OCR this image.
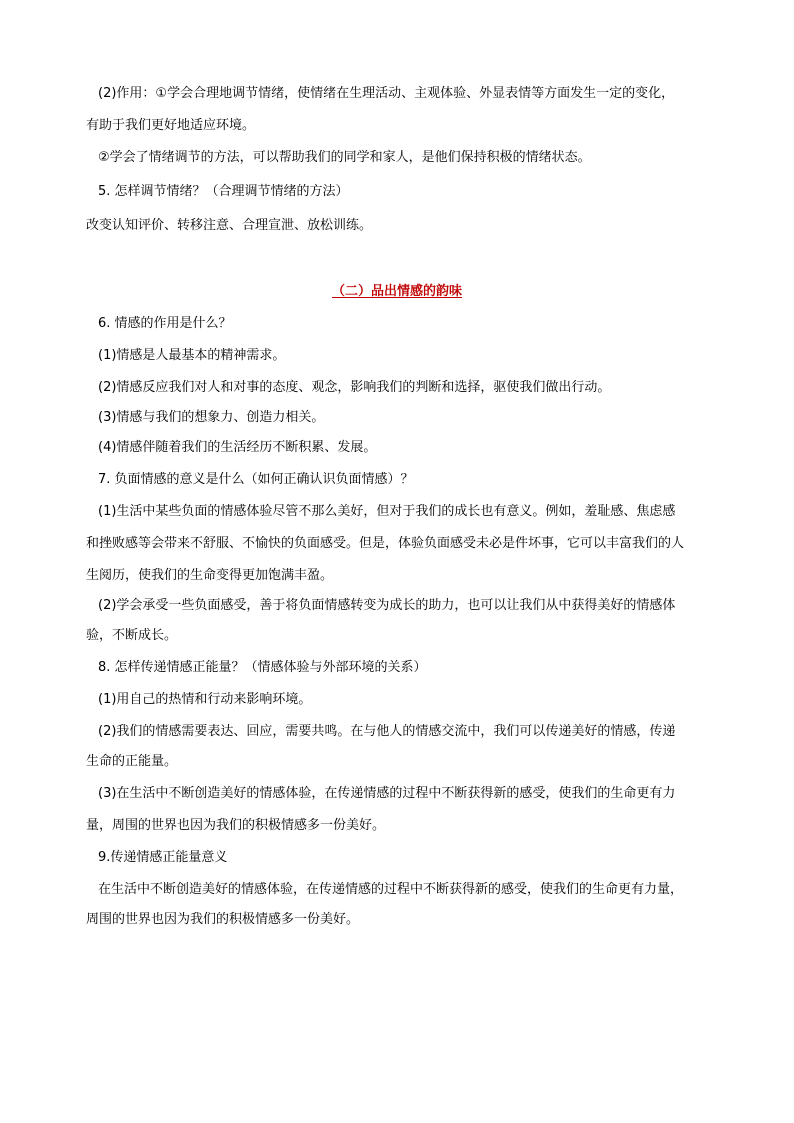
(2)作用：①学会合理地调节情绪，使情绪在生理活动、主观体验、外显表情等方面发生一定的变化，
有助于我们更好地适应环境。
②学会了情绪调节的方法，可以帮助我们的同学和家人，是他们保持积极的情绪状态。
5. 怎样调节情绪？（合理调节情绪的方法）
改变认知评价、转移注意、合理宣泄、放松训练。
（二）品出情感的韵味
6. 情感的作用是什么？
(1)情感是人最基本的精神需求。
(2)情感反应我们对人和对事的态度、观念，影响我们的判断和选择，驱使我们做出行动。
(3)情感与我们的想象力、创造力相关。
(4)情感伴随着我们的生活经历不断积累、发展。
7. 负面情感的意义是什么（如何正确认识负面情感）？
(1)生活中某些负面的情感体验尽管不那么美好，但对于我们的成长也有意义。例如，羞耻感、焦虑感
和挫败感等会带来不舒服、不愉快的负面感受。但是，体验负面感受未必是件坏事，它可以丰富我们的人
生阅历，使我们的生命变得更加饱满丰盈。
(2)学会承受一些负面感受，善于将负面情感转变为成长的助力，也可以让我们从中获得美好的情感体
验，不断成长。
8. 怎样传递情感正能量？（情感体验与外部环境的关系）
(1)用自己的热情和行动来影响环境。
(2)我们的情感需要表达、回应，需要共鸣。在与他人的情感交流中，我们可以传递美好的情感，传递
生命的正能量。
(3)在生活中不断创造美好的情感体验，在传递情感的过程中不断获得新的感受，使我们的生命更有力
量，周围的世界也因为我们的积极情感多一份美好。
9.传递情感正能量意义
在生活中不断创造美好的情感体验，在传递情感的过程中不断获得新的感受，使我们的生命更有力量，
周围的世界也因为我们的积极情感多一份美好。
